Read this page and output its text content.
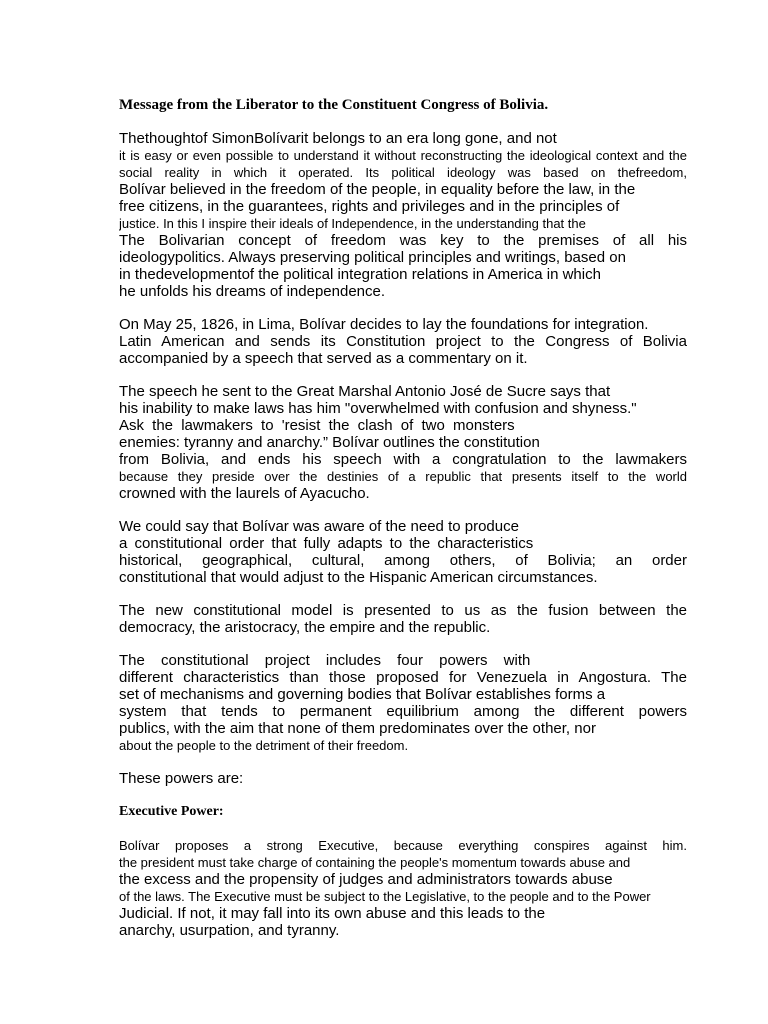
Message from the Liberator to the Constituent Congress of Bolivia.
Thethoughtof SimonBolívarit belongs to an era long gone, and not
it is easy or even possible to understand it without reconstructing the ideological context and the
social reality in which it operated. Its political ideology was based on thefreedom,
Bolívar believed in the freedom of the people, in equality before the law, in the
free citizens, in the guarantees, rights and privileges and in the principles of
justice. In this I inspire their ideals of Independence, in the understanding that the
The Bolivarian concept of freedom was key to the premises of all his
ideologypolitics. Always preserving political principles and writings, based on
in thedevelopmentof the political integration relations in America in which
he unfolds his dreams of independence.
On May 25, 1826, in Lima, Bolívar decides to lay the foundations for integration.
Latin American and sends its Constitution project to the Congress of Bolivia
accompanied by a speech that served as a commentary on it.
The speech he sent to the Great Marshal Antonio José de Sucre says that
his inability to make laws has him "overwhelmed with confusion and shyness."
Ask the lawmakers to 'resist the clash of two monsters
enemies: tyranny and anarchy.” Bolívar outlines the constitution
from Bolivia, and ends his speech with a congratulation to the lawmakers
because they preside over the destinies of a republic that presents itself to the world
crowned with the laurels of Ayacucho.
We could say that Bolívar was aware of the need to produce
a constitutional order that fully adapts to the characteristics
historical, geographical, cultural, among others, of Bolivia; an order
constitutional that would adjust to the Hispanic American circumstances.
The new constitutional model is presented to us as the fusion between the
democracy, the aristocracy, the empire and the republic.
The constitutional project includes four powers with
different characteristics than those proposed for Venezuela in Angostura. The
set of mechanisms and governing bodies that Bolívar establishes forms a
system that tends to permanent equilibrium among the different powers
publics, with the aim that none of them predominates over the other, nor
about the people to the detriment of their freedom.
These powers are:
Executive Power:
Bolívar proposes a strong Executive, because everything conspires against him.
the president must take charge of containing the people's momentum towards abuse and
the excess and the propensity of judges and administrators towards abuse
of the laws. The Executive must be subject to the Legislative, to the people and to the Power
Judicial. If not, it may fall into its own abuse and this leads to the
anarchy, usurpation, and tyranny.
